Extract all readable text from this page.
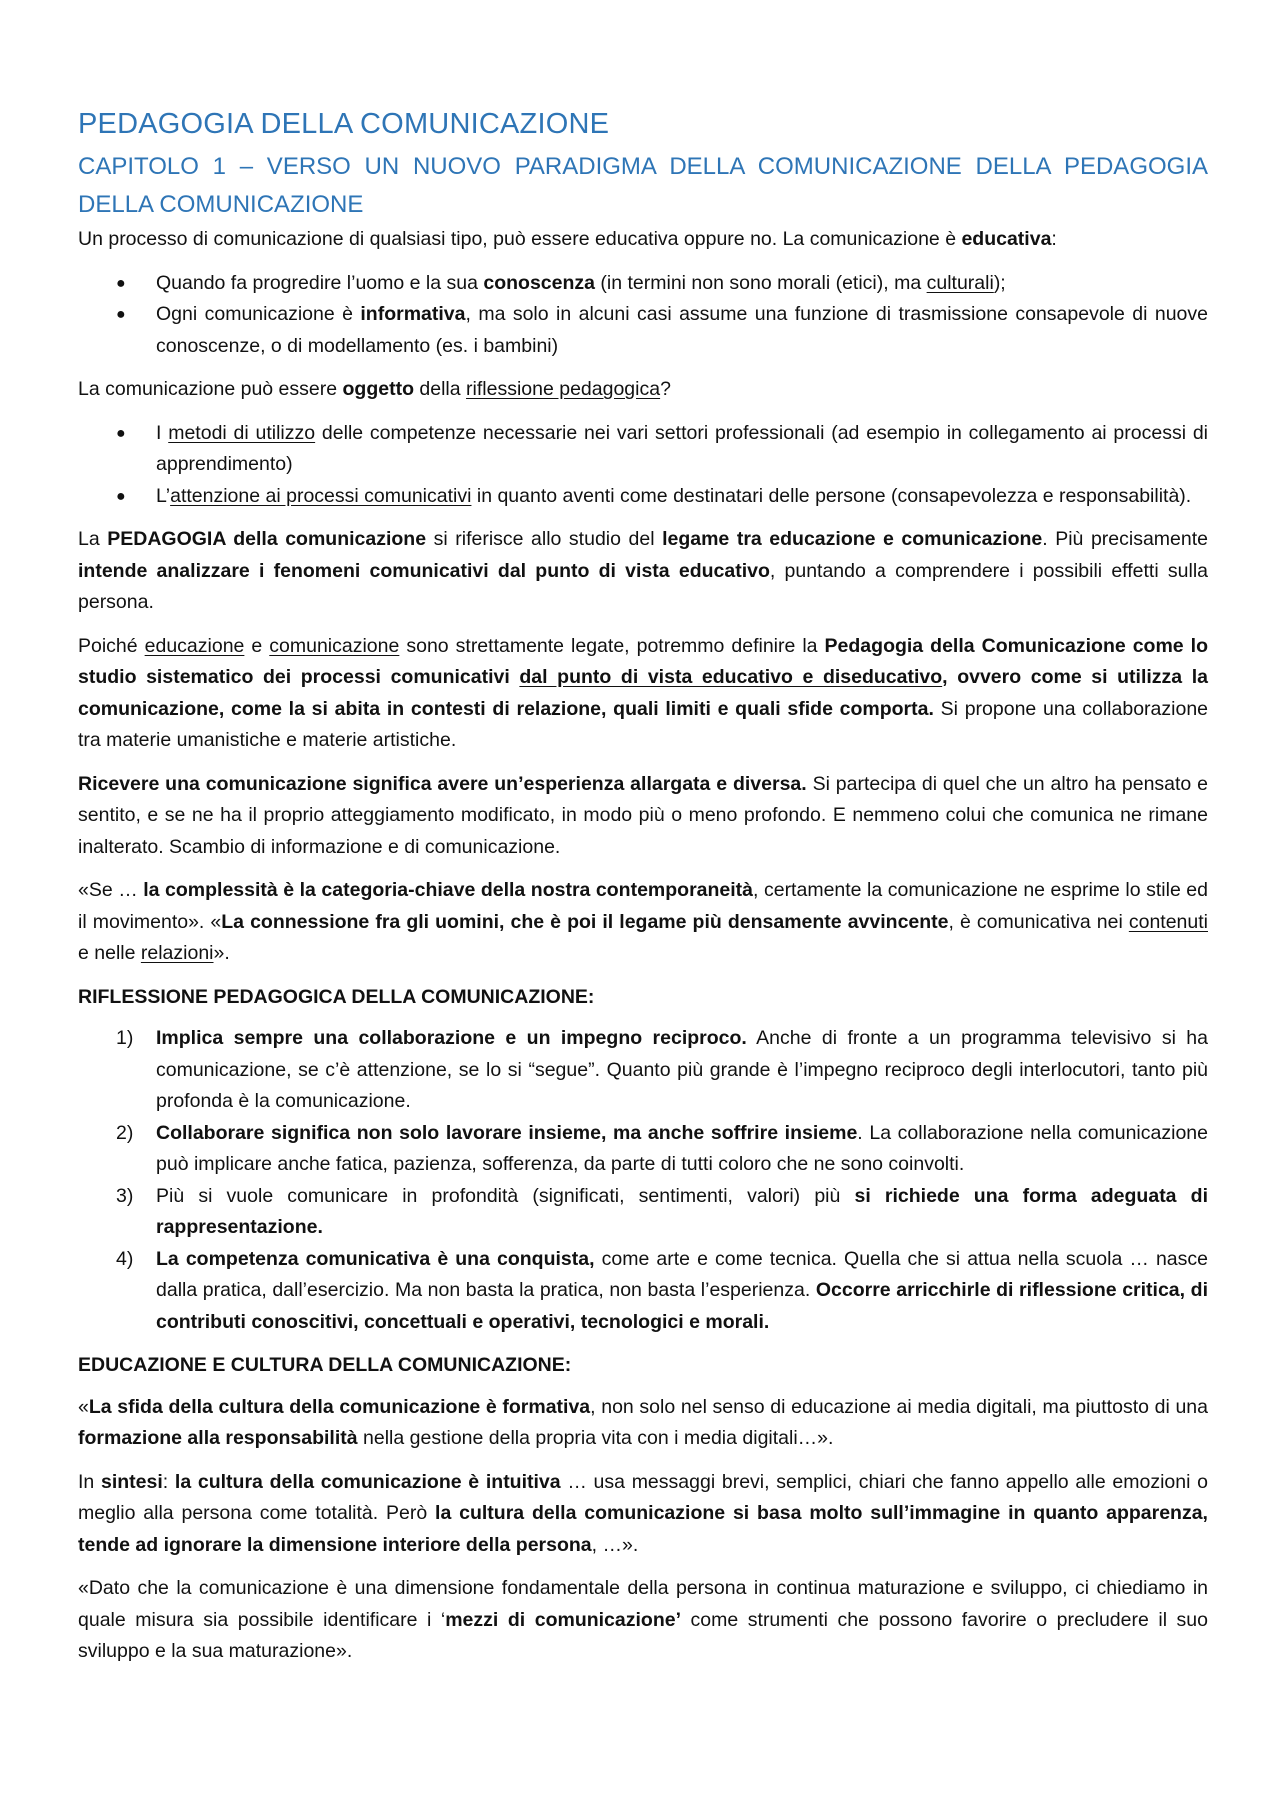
PEDAGOGIA DELLA COMUNICAZIONE
CAPITOLO 1 – VERSO UN NUOVO PARADIGMA DELLA COMUNICAZIONE DELLA PEDAGOGIA DELLA COMUNICAZIONE

Un processo di comunicazione di qualsiasi tipo, può essere educativa oppure no. La comunicazione è educativa:

● Quando fa progredire l’uomo e la sua conoscenza (in termini non sono morali (etici), ma culturali);
● Ogni comunicazione è informativa, ma solo in alcuni casi assume una funzione di trasmissione consapevole di nuove conoscenze, o di modellamento (es. i bambini)

La comunicazione può essere oggetto della riflessione pedagogica?

● I metodi di utilizzo delle competenze necessarie nei vari settori professionali (ad esempio in collegamento ai processi di apprendimento)
● L’attenzione ai processi comunicativi in quanto aventi come destinatari delle persone (consapevolezza e responsabilità).

La PEDAGOGIA della comunicazione si riferisce allo studio del legame tra educazione e comunicazione. Più precisamente intende analizzare i fenomeni comunicativi dal punto di vista educativo, puntando a comprendere i possibili effetti sulla persona.

Poiché educazione e comunicazione sono strettamente legate, potremmo definire la Pedagogia della Comunicazione come lo studio sistematico dei processi comunicativi dal punto di vista educativo e diseducativo, ovvero come si utilizza la comunicazione, come la si abita in contesti di relazione, quali limiti e quali sfide comporta. Si propone una collaborazione tra materie umanistiche e materie artistiche.

Ricevere una comunicazione significa avere un’esperienza allargata e diversa. Si partecipa di quel che un altro ha pensato e sentito, e se ne ha il proprio atteggiamento modificato, in modo più o meno profondo. E nemmeno colui che comunica ne rimane inalterato. Scambio di informazione e di comunicazione.

«Se … la complessità è la categoria-chiave della nostra contemporaneità, certamente la comunicazione ne esprime lo stile ed il movimento». «La connessione fra gli uomini, che è poi il legame più densamente avvincente, è comunicativa nei contenuti e nelle relazioni».

RIFLESSIONE PEDAGOGICA DELLA COMUNICAZIONE:
1) Implica sempre una collaborazione e un impegno reciproco. Anche di fronte a un programma televisivo si ha comunicazione, se c’è attenzione, se lo si “segue”. Quanto più grande è l’impegno reciproco degli interlocutori, tanto più profonda è la comunicazione.
2) Collaborare significa non solo lavorare insieme, ma anche soffrire insieme. La collaborazione nella comunicazione può implicare anche fatica, pazienza, sofferenza, da parte di tutti coloro che ne sono coinvolti.
3) Più si vuole comunicare in profondità (significati, sentimenti, valori) più si richiede una forma adeguata di rappresentazione.
4) La competenza comunicativa è una conquista, come arte e come tecnica. Quella che si attua nella scuola … nasce dalla pratica, dall’esercizio. Ma non basta la pratica, non basta l’esperienza. Occorre arricchirle di riflessione critica, di contributi conoscitivi, concettuali e operativi, tecnologici e morali.
EDUCAZIONE E CULTURA DELLA COMUNICAZIONE:

«La sfida della cultura della comunicazione è formativa, non solo nel senso di educazione ai media digitali, ma piuttosto di una formazione alla responsabilità nella gestione della propria vita con i media digitali…».

In sintesi: la cultura della comunicazione è intuitiva … usa messaggi brevi, semplici, chiari che fanno appello alle emozioni o meglio alla persona come totalità. Però la cultura della comunicazione si basa molto sull’immagine in quanto apparenza, tende ad ignorare la dimensione interiore della persona, …».

«Dato che la comunicazione è una dimensione fondamentale della persona in continua maturazione e sviluppo, ci chiediamo in quale misura sia possibile identificare i ‘mezzi di comunicazione’ come strumenti che possono favorire o precludere il suo sviluppo e la sua maturazione».
